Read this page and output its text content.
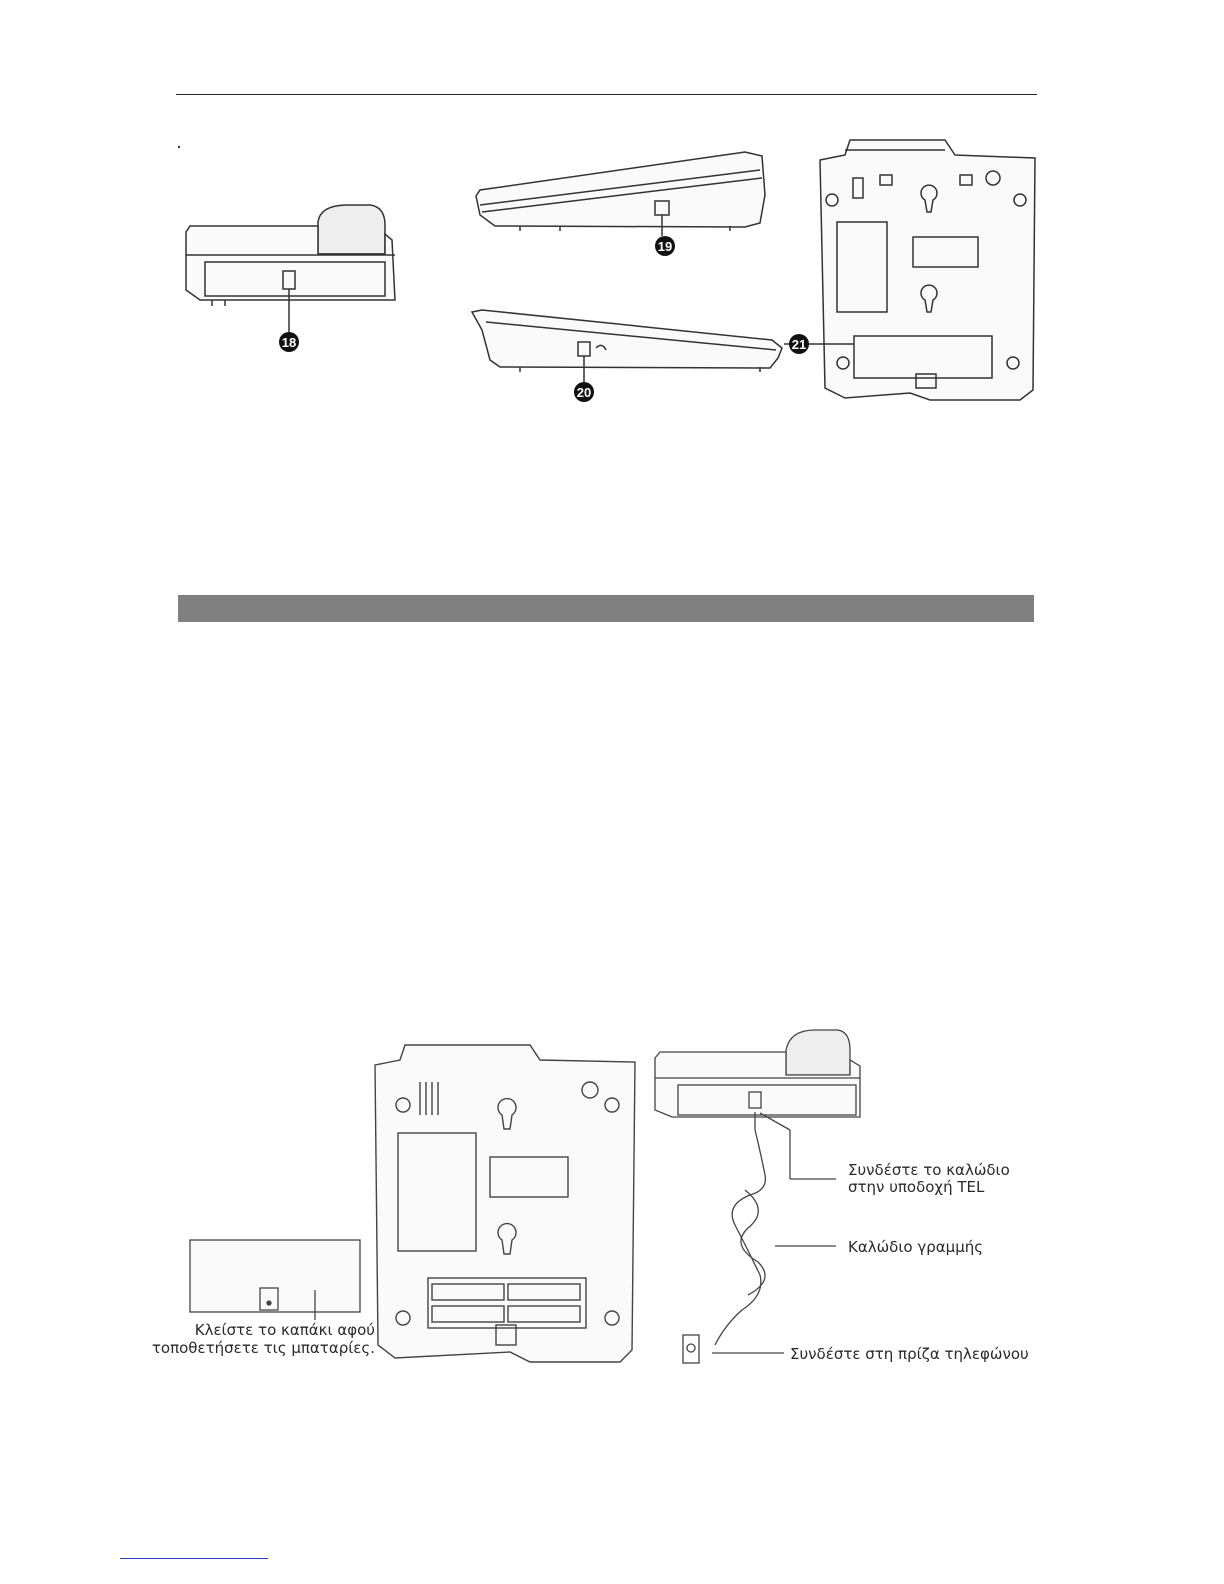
18
19
20
21
Κλείστε το καπάκι αφού
τοποθετήσετε τις μπαταρίες.
Συνδέστε το καλώδιο
στην υποδοχή TEL
Καλώδιο γραμμής
Συνδέστε στη πρίζα τηλεφώνου
